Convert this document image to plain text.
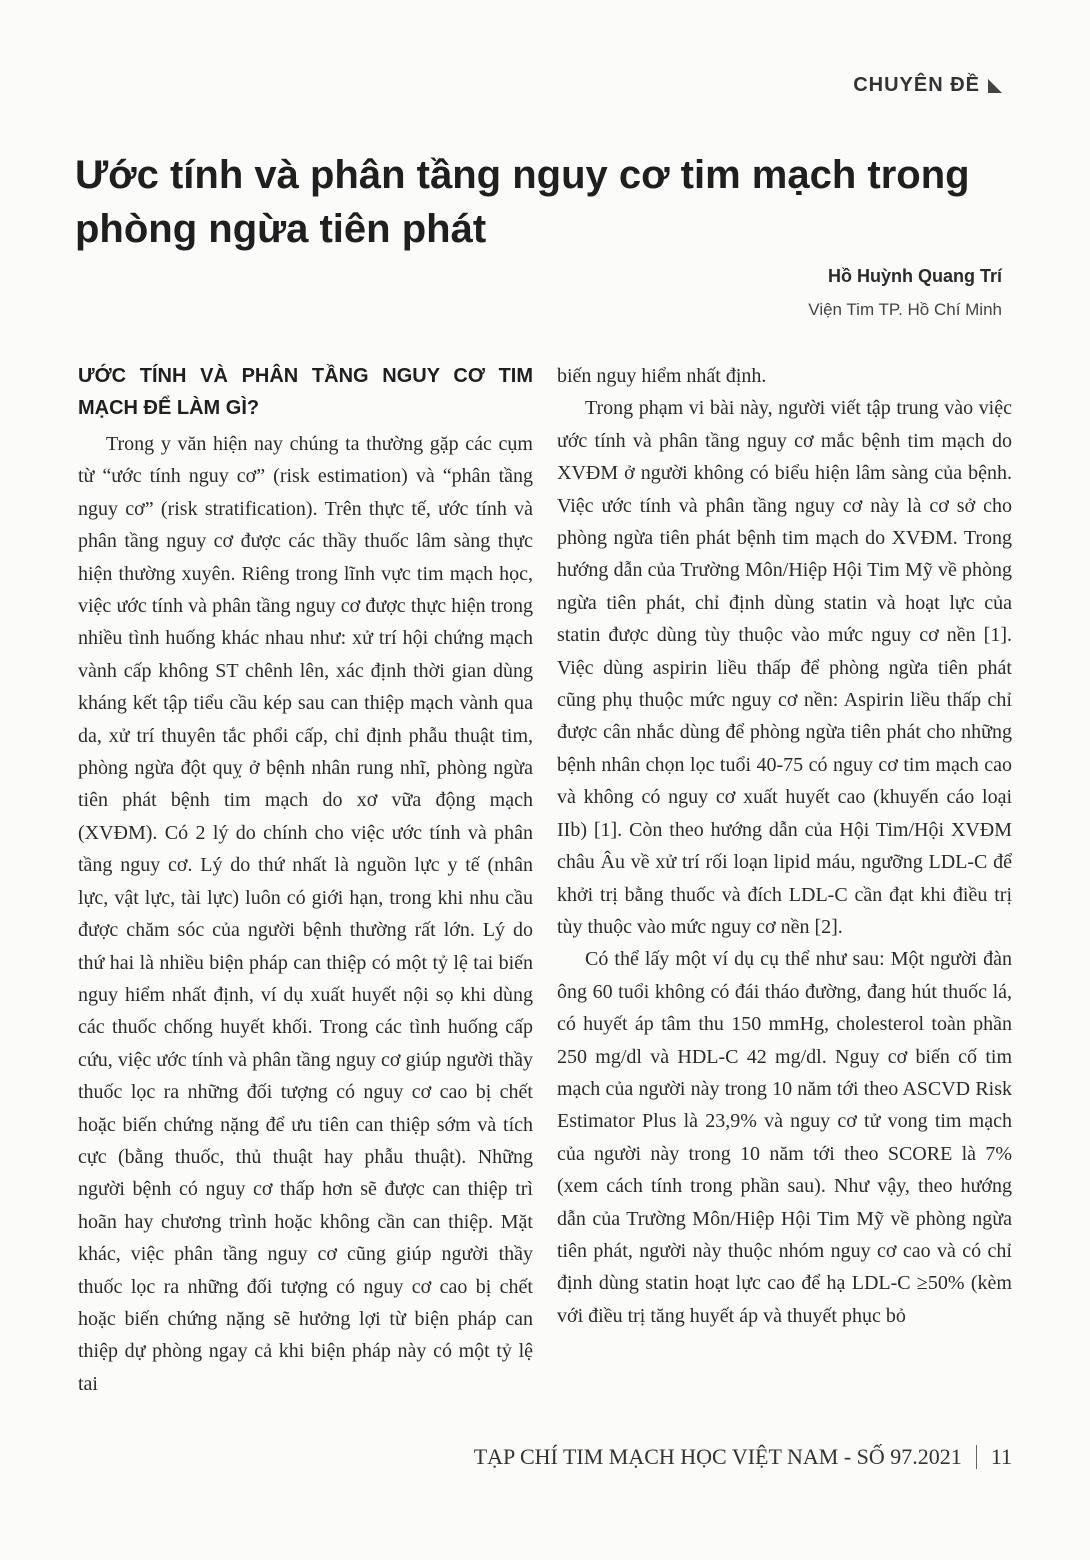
CHUYÊN ĐỀ
Ước tính và phân tầng nguy cơ tim mạch trong phòng ngừa tiên phát
Hồ Huỳnh Quang Trí
Viện Tim TP. Hồ Chí Minh
ƯỚC TÍNH VÀ PHÂN TẦNG NGUY CƠ TIM MẠCH ĐỂ LÀM GÌ?

Trong y văn hiện nay chúng ta thường gặp các cụm từ “ước tính nguy cơ” (risk estimation) và “phân tầng nguy cơ” (risk stratification). Trên thực tế, ước tính và phân tầng nguy cơ được các thầy thuốc lâm sàng thực hiện thường xuyên. Riêng trong lĩnh vực tim mạch học, việc ước tính và phân tầng nguy cơ được thực hiện trong nhiều tình huống khác nhau như: xử trí hội chứng mạch vành cấp không ST chênh lên, xác định thời gian dùng kháng kết tập tiểu cầu kép sau can thiệp mạch vành qua da, xử trí thuyên tắc phổi cấp, chỉ định phẫu thuật tim, phòng ngừa đột quỵ ở bệnh nhân rung nhĩ, phòng ngừa tiên phát bệnh tim mạch do xơ vữa động mạch (XVĐM). Có 2 lý do chính cho việc ước tính và phân tầng nguy cơ. Lý do thứ nhất là nguồn lực y tế (nhân lực, vật lực, tài lực) luôn có giới hạn, trong khi nhu cầu được chăm sóc của người bệnh thường rất lớn. Lý do thứ hai là nhiều biện pháp can thiệp có một tỷ lệ tai biến nguy hiểm nhất định, ví dụ xuất huyết nội sọ khi dùng các thuốc chống huyết khối. Trong các tình huống cấp cứu, việc ước tính và phân tầng nguy cơ giúp người thầy thuốc lọc ra những đối tượng có nguy cơ cao bị chết hoặc biến chứng nặng để ưu tiên can thiệp sớm và tích cực (bằng thuốc, thủ thuật hay phẫu thuật). Những người bệnh có nguy cơ thấp hơn sẽ được can thiệp trì hoãn hay chương trình hoặc không cần can thiệp. Mặt khác, việc phân tầng nguy cơ cũng giúp người thầy thuốc lọc ra những đối tượng có nguy cơ cao bị chết hoặc biến chứng nặng sẽ hưởng lợi từ biện pháp can thiệp dự phòng ngay cả khi biện pháp này có một tỷ lệ tai

biến nguy hiểm nhất định.

Trong phạm vi bài này, người viết tập trung vào việc ước tính và phân tầng nguy cơ mắc bệnh tim mạch do XVĐM ở người không có biểu hiện lâm sàng của bệnh. Việc ước tính và phân tầng nguy cơ này là cơ sở cho phòng ngừa tiên phát bệnh tim mạch do XVĐM. Trong hướng dẫn của Trường Môn/Hiệp Hội Tim Mỹ về phòng ngừa tiên phát, chỉ định dùng statin và hoạt lực của statin được dùng tùy thuộc vào mức nguy cơ nền [1]. Việc dùng aspirin liều thấp để phòng ngừa tiên phát cũng phụ thuộc mức nguy cơ nền: Aspirin liều thấp chỉ được cân nhắc dùng để phòng ngừa tiên phát cho những bệnh nhân chọn lọc tuổi 40-75 có nguy cơ tim mạch cao và không có nguy cơ xuất huyết cao (khuyến cáo loại IIb) [1]. Còn theo hướng dẫn của Hội Tim/Hội XVĐM châu Âu về xử trí rối loạn lipid máu, ngưỡng LDL-C để khởi trị bằng thuốc và đích LDL-C cần đạt khi điều trị tùy thuộc vào mức nguy cơ nền [2].

Có thể lấy một ví dụ cụ thể như sau: Một người đàn ông 60 tuổi không có đái tháo đường, đang hút thuốc lá, có huyết áp tâm thu 150 mmHg, cholesterol toàn phần 250 mg/dl và HDL-C 42 mg/dl. Nguy cơ biến cố tim mạch của người này trong 10 năm tới theo ASCVD Risk Estimator Plus là 23,9% và nguy cơ tử vong tim mạch của người này trong 10 năm tới theo SCORE là 7% (xem cách tính trong phần sau). Như vậy, theo hướng dẫn của Trường Môn/Hiệp Hội Tim Mỹ về phòng ngừa tiên phát, người này thuộc nhóm nguy cơ cao và có chỉ định dùng statin hoạt lực cao để hạ LDL-C ≥50% (kèm với điều trị tăng huyết áp và thuyết phục bỏ

TẠP CHÍ TIM MẠCH HỌC VIỆT NAM - SỐ 97.2021 11
